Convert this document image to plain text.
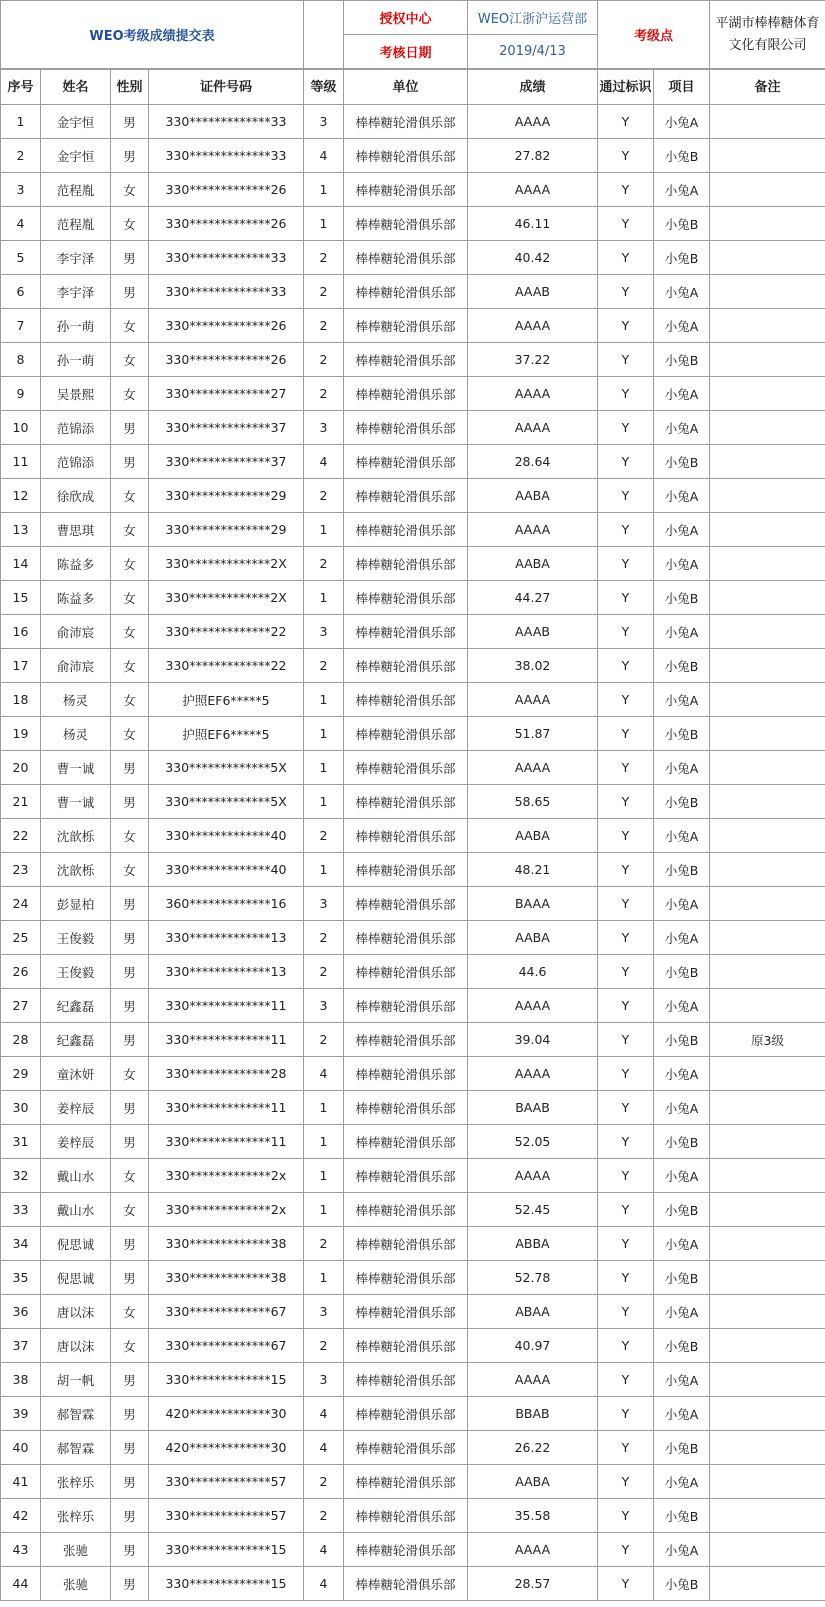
WEO考级成绩提交表		授权中心	WEO江浙沪运营部	考级点	平湖市棒棒糖体育文化有限公司
		考核日期	2019/4/13		
序号	姓名	性别	证件号码	等级	单位	成绩	通过标识	项目	备注
1	金宇恒	男	330*************33	3	棒棒糖轮滑俱乐部	AAAA	Y	小兔A	
2	金宇恒	男	330*************33	4	棒棒糖轮滑俱乐部	27.82	Y	小兔B	
3	范程胤	女	330*************26	1	棒棒糖轮滑俱乐部	AAAA	Y	小兔A	
4	范程胤	女	330*************26	1	棒棒糖轮滑俱乐部	46.11	Y	小兔B	
5	李宇泽	男	330*************33	2	棒棒糖轮滑俱乐部	40.42	Y	小兔B	
6	李宇泽	男	330*************33	2	棒棒糖轮滑俱乐部	AAAB	Y	小兔A	
7	孙一萌	女	330*************26	2	棒棒糖轮滑俱乐部	AAAA	Y	小兔A	
8	孙一萌	女	330*************26	2	棒棒糖轮滑俱乐部	37.22	Y	小兔B	
9	吴景熙	女	330*************27	2	棒棒糖轮滑俱乐部	AAAA	Y	小兔A	
10	范锦添	男	330*************37	3	棒棒糖轮滑俱乐部	AAAA	Y	小兔A	
11	范锦添	男	330*************37	4	棒棒糖轮滑俱乐部	28.64	Y	小兔B	
12	徐欣成	女	330*************29	2	棒棒糖轮滑俱乐部	AABA	Y	小兔A	
13	曹思琪	女	330*************29	1	棒棒糖轮滑俱乐部	AAAA	Y	小兔A	
14	陈益多	女	330*************2X	2	棒棒糖轮滑俱乐部	AABA	Y	小兔A	
15	陈益多	女	330*************2X	1	棒棒糖轮滑俱乐部	44.27	Y	小兔B	
16	俞沛宸	女	330*************22	3	棒棒糖轮滑俱乐部	AAAB	Y	小兔A	
17	俞沛宸	女	330*************22	2	棒棒糖轮滑俱乐部	38.02	Y	小兔B	
18	杨灵	女	护照EF6*****5	1	棒棒糖轮滑俱乐部	AAAA	Y	小兔A	
19	杨灵	女	护照EF6*****5	1	棒棒糖轮滑俱乐部	51.87	Y	小兔B	
20	曹一诚	男	330*************5X	1	棒棒糖轮滑俱乐部	AAAA	Y	小兔A	
21	曹一诚	男	330*************5X	1	棒棒糖轮滑俱乐部	58.65	Y	小兔B	
22	沈歆栎	女	330*************40	2	棒棒糖轮滑俱乐部	AABA	Y	小兔A	
23	沈歆栎	女	330*************40	1	棒棒糖轮滑俱乐部	48.21	Y	小兔B	
24	彭显柏	男	360*************16	3	棒棒糖轮滑俱乐部	BAAA	Y	小兔A	
25	王俊毅	男	330*************13	2	棒棒糖轮滑俱乐部	AABA	Y	小兔A	
26	王俊毅	男	330*************13	2	棒棒糖轮滑俱乐部	44.6	Y	小兔B	
27	纪鑫磊	男	330*************11	3	棒棒糖轮滑俱乐部	AAAA	Y	小兔A	
28	纪鑫磊	男	330*************11	2	棒棒糖轮滑俱乐部	39.04	Y	小兔B	原3级
29	童沐妍	女	330*************28	4	棒棒糖轮滑俱乐部	AAAA	Y	小兔A	
30	姜梓辰	男	330*************11	1	棒棒糖轮滑俱乐部	BAAB	Y	小兔A	
31	姜梓辰	男	330*************11	1	棒棒糖轮滑俱乐部	52.05	Y	小兔B	
32	戴山水	女	330*************2x	1	棒棒糖轮滑俱乐部	AAAA	Y	小兔A	
33	戴山水	女	330*************2x	1	棒棒糖轮滑俱乐部	52.45	Y	小兔B	
34	倪思诚	男	330*************38	2	棒棒糖轮滑俱乐部	ABBA	Y	小兔A	
35	倪思诚	男	330*************38	1	棒棒糖轮滑俱乐部	52.78	Y	小兔B	
36	唐以沫	女	330*************67	3	棒棒糖轮滑俱乐部	ABAA	Y	小兔A	
37	唐以沫	女	330*************67	2	棒棒糖轮滑俱乐部	40.97	Y	小兔B	
38	胡一帆	男	330*************15	3	棒棒糖轮滑俱乐部	AAAA	Y	小兔A	
39	郝智霖	男	420*************30	4	棒棒糖轮滑俱乐部	BBAB	Y	小兔A	
40	郝智霖	男	420*************30	4	棒棒糖轮滑俱乐部	26.22	Y	小兔B	
41	张梓乐	男	330*************57	2	棒棒糖轮滑俱乐部	AABA	Y	小兔A	
42	张梓乐	男	330*************57	2	棒棒糖轮滑俱乐部	35.58	Y	小兔B	
43	张驰	男	330*************15	4	棒棒糖轮滑俱乐部	AAAA	Y	小兔A	
44	张驰	男	330*************15	4	棒棒糖轮滑俱乐部	28.57	Y	小兔B	
